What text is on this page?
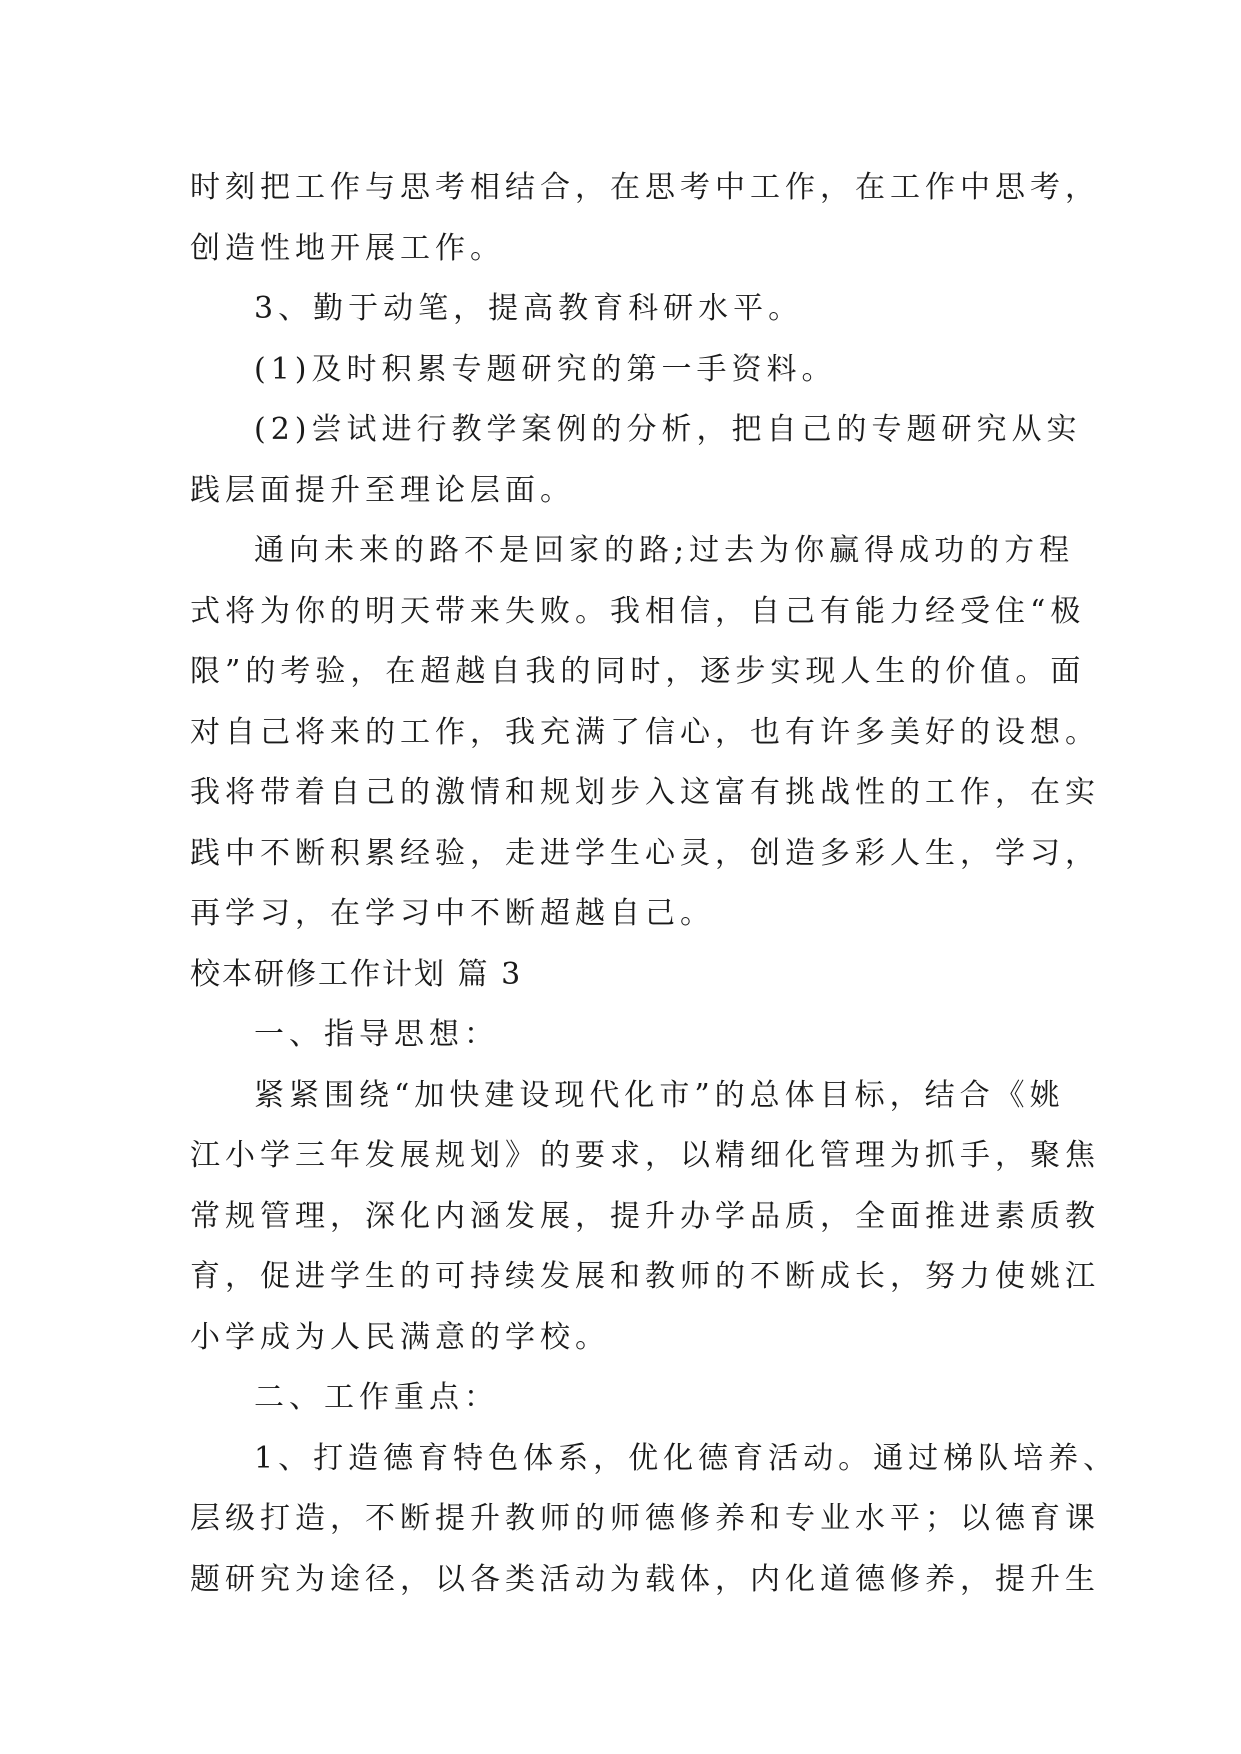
时刻把工作与思考相结合，在思考中工作，在工作中思考，
创造性地开展工作。
3、勤于动笔，提高教育科研水平。
(1)及时积累专题研究的第一手资料。
(2)尝试进行教学案例的分析，把自己的专题研究从实
践层面提升至理论层面。
通向未来的路不是回家的路;过去为你赢得成功的方程
式将为你的明天带来失败。我相信，自己有能力经受住“极
限”的考验，在超越自我的同时，逐步实现人生的价值。面
对自己将来的工作，我充满了信心，也有许多美好的设想。
我将带着自己的激情和规划步入这富有挑战性的工作，在实
践中不断积累经验，走进学生心灵，创造多彩人生，学习，
再学习，在学习中不断超越自己。
校本研修工作计划 篇 3
一、指导思想：
紧紧围绕“加快建设现代化市”的总体目标，结合《姚
江小学三年发展规划》的要求，以精细化管理为抓手，聚焦
常规管理，深化内涵发展，提升办学品质，全面推进素质教
育，促进学生的可持续发展和教师的不断成长，努力使姚江
小学成为人民满意的学校。
二、工作重点：
1、打造德育特色体系，优化德育活动。通过梯队培养、
层级打造，不断提升教师的师德修养和专业水平；以德育课
题研究为途径，以各类活动为载体，内化道德修养，提升生
